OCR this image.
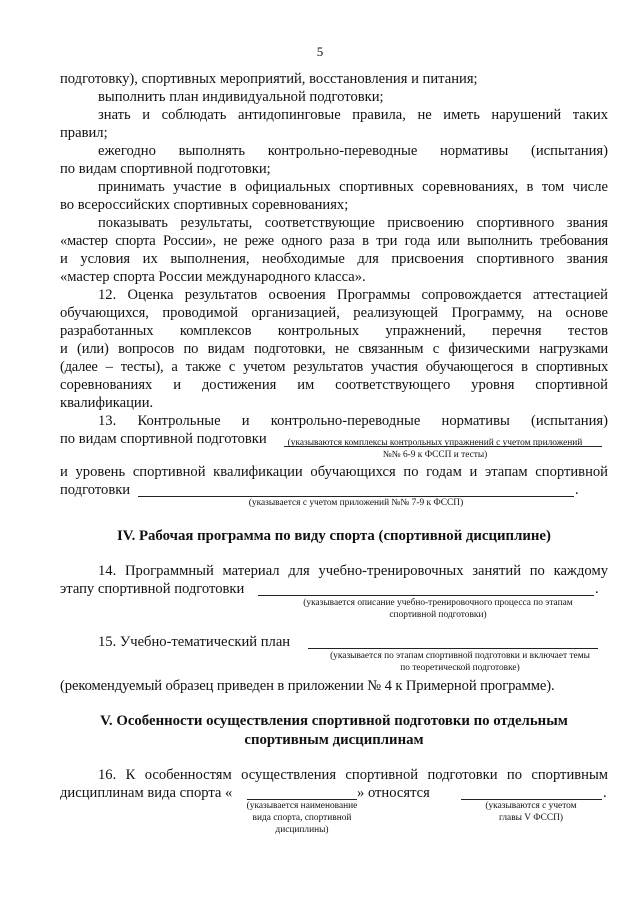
5
подготовку), спортивных мероприятий, восстановления и питания;
выполнить план индивидуальной подготовки;
знать и соблюдать антидопинговые правила, не иметь нарушений таких
правил;
ежегодно выполнять контрольно-переводные нормативы (испытания)
по видам спортивной подготовки;
принимать участие в официальных спортивных соревнованиях, в том числе
во всероссийских спортивных соревнованиях;
показывать результаты, соответствующие присвоению спортивного звания
«мастер спорта России», не реже одного раза в три года или выполнить требования
и условия их выполнения, необходимые для присвоения спортивного звания
«мастер спорта России международного класса».
12. Оценка результатов освоения Программы сопровождается аттестацией
обучающихся, проводимой организацией, реализующей Программу, на основе
разработанных комплексов контрольных упражнений, перечня тестов
и (или) вопросов по видам подготовки, не связанным с физическими нагрузками
(далее – тесты), а также с учетом результатов участия обучающегося в спортивных
соревнованиях и достижения им соответствующего уровня спортивной
квалификации.
13. Контрольные и контрольно-переводные нормативы (испытания)
по видам спортивной подготовки	(указываются комплексы контрольных упражнений с учетом приложений
№№ 6-9 к ФССП и тесты)
и уровень спортивной квалификации обучающихся по годам и этапам спортивной
подготовки	.
(указывается с учетом приложений №№ 7-9 к ФССП)
IV. Рабочая программа по виду спорта (спортивной дисциплине)
14. Программный материал для учебно-тренировочных занятий по каждому
этапу спортивной подготовки	.
(указывается описание учебно-тренировочного процесса по этапам
спортивной подготовки)
15. Учебно-тематический план
(указывается по этапам спортивной подготовки и включает темы
по теоретической подготовке)
(рекомендуемый образец приведен в приложении № 4 к Примерной программе).
V. Особенности осуществления спортивной подготовки по отдельным
спортивным дисциплинам
16. К особенностям осуществления спортивной подготовки по спортивным
дисциплинам вида спорта «	» относятся	.
(указывается наименование
вида спорта, спортивной
дисциплины)
(указываются с учетом
главы V ФССП)
